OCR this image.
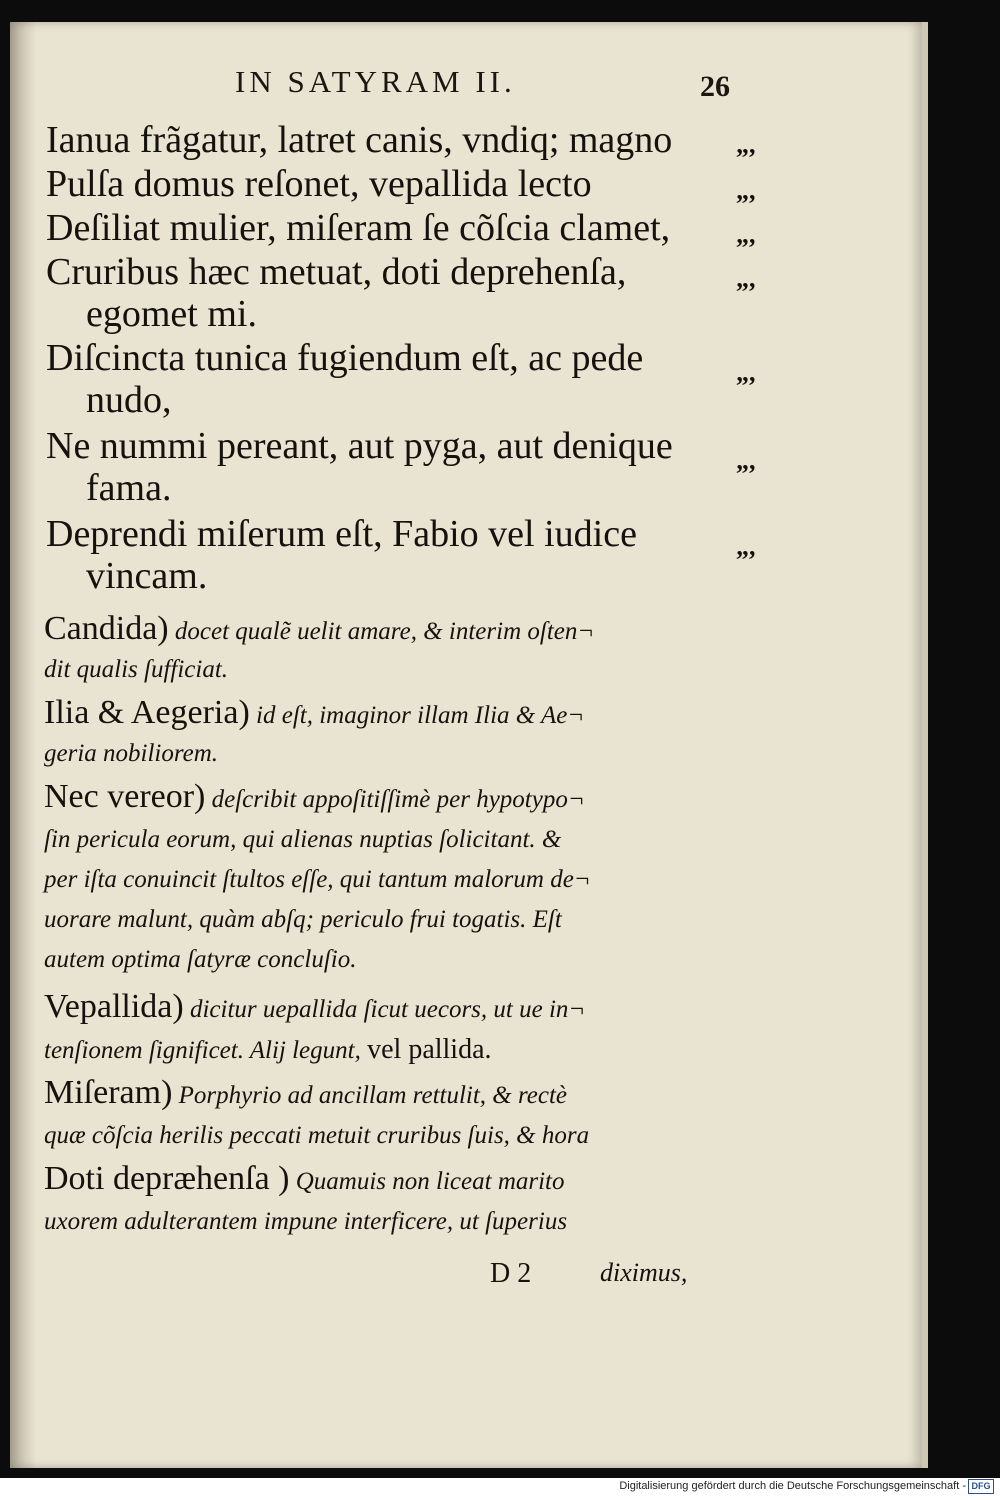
IN SATYRAM II.	26
Ianua frãgatur, latret canis, vndiq; magno „,
Pulſa domus reſonet, vepallida lecto	„,
Deſiliat mulier, miſeram ſe cõſcia clamet,	„,
Cruribus hæc metuat, doti deprehenſa,	„,
egomet mi.
Diſcincta tunica fugiendum eſt, ac pede	„,
nudo,
Ne nummi pereant, aut pyga, aut denique „,
fama.
Deprendi miſerum eſt, Fabio vel iudice	„,
vincam.
Candida) docet qualẽ uelit amare, & interim oſten¬
dit qualis ſufficiat.
Ilia & Aegeria) id eſt, imaginor illam Ilia & Ae¬
geria nobiliorem.
Nec vereor) deſcribit appoſitiſſimè per hypotypo¬
ſin pericula eorum, qui alienas nuptias ſolicitant. &
per iſta conuincit ſtultos eſſe, qui tantum malorum de¬
uorare malunt, quàm abſq; periculo frui togatis. Eſt
autem optima ſatyræ concluſio.
Vepallida) dicitur uepallida ſicut uecors, ut ue in¬
tenſionem ſignificet. Alij legunt, vel pallida.
Miſeram) Porphyrio ad ancillam rettulit, & rectè
quæ cõſcia herilis peccati metuit cruribus ſuis, & hora
Doti depræhenſa ) Quamuis non liceat marito
uxorem adulterantem impune interficere, ut ſuperius
D 2	diximus,
Digitalisierung gefördert durch die Deutsche Forschungsgemeinschaft - DFG
